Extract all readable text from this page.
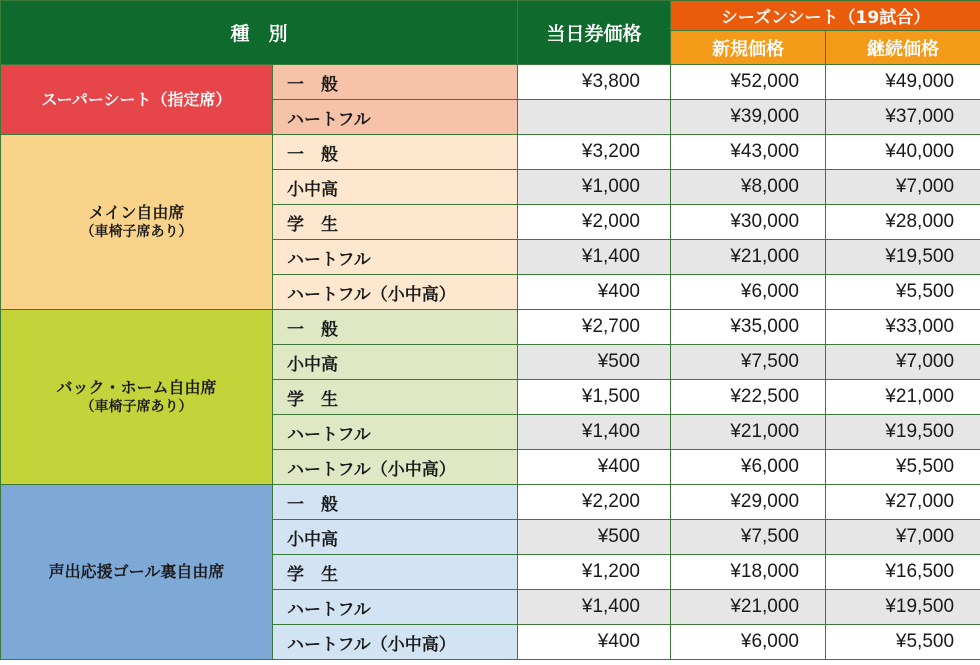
種　別		当日券価格	シーズンシート（19試合）	
			新規価格	継続価格
スーパーシート（指定席）	一　般	¥3,800	¥52,000	¥49,000
	ハートフル		¥39,000	¥37,000
メイン自由席
（車椅子席あり）	一　般	¥3,200	¥43,000	¥40,000
	小中高	¥1,000	¥8,000	¥7,000
	学　生	¥2,000	¥30,000	¥28,000
	ハートフル	¥1,400	¥21,000	¥19,500
	ハートフル（小中高）	¥400	¥6,000	¥5,500
バック・ホーム自由席
（車椅子席あり）	一　般	¥2,700	¥35,000	¥33,000
	小中高	¥500	¥7,500	¥7,000
	学　生	¥1,500	¥22,500	¥21,000
	ハートフル	¥1,400	¥21,000	¥19,500
	ハートフル（小中高）	¥400	¥6,000	¥5,500
声出応援ゴール裏自由席	一　般	¥2,200	¥29,000	¥27,000
	小中高	¥500	¥7,500	¥7,000
	学　生	¥1,200	¥18,000	¥16,500
	ハートフル	¥1,400	¥21,000	¥19,500
	ハートフル（小中高）	¥400	¥6,000	¥5,500
